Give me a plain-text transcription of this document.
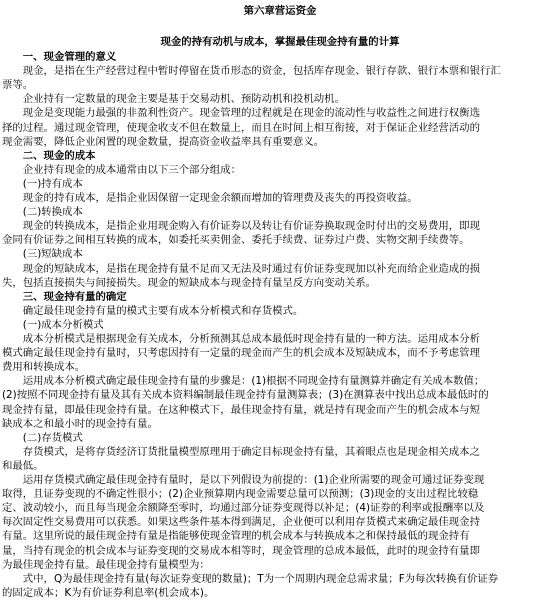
第六章营运资金
现金的持有动机与成本，掌握最佳现金持有量的计算
　　一、现金管理的意义
　　现金，是指在生产经营过程中暂时停留在货币形态的资金，包括库存现金、银行存款、银行本票和银行汇
票等。
　　企业持有一定数量的现金主要是基于交易动机、预防动机和投机动机。
　　现金是变现能力最强的非盈利性资产。现金管理的过程就是在现金的流动性与收益性之间进行权衡选
择的过程。通过现金管理，使现金收支不但在数量上，而且在时间上相互衔接，对于保证企业经营活动的
现金需要，降低企业闲置的现金数量，提高资金收益率具有重要意义。
　　二、现金的成本
　　企业持有现金的成本通常由以下三个部分组成：
　　(一)持有成本
　　现金的持有成本，是指企业因保留一定现金余额而增加的管理费及丧失的再投资收益。
　　(二)转换成本
　　现金的转换成本，是指企业用现金购入有价证券以及转让有价证券换取现金时付出的交易费用，即现
金同有价证券之间相互转换的成本，如委托买卖佣金、委托手续费、证券过户费、实物交割手续费等。
　　(三)短缺成本
　　现金的短缺成本，是指在现金持有量不足而又无法及时通过有价证券变现加以补充而给企业造成的损
失，包括直接损失与间接损失。现金的短缺成本与现金持有量呈反方向变动关系。
　　三、现金持有量的确定
　　确定最佳现金持有量的模式主要有成本分析模式和存货模式。
　　(一)成本分析模式
　　成本分析模式是根据现金有关成本，分析预测其总成本最低时现金持有量的一种方法。运用成本分析
模式确定最佳现金持有量时，只考虑因持有一定量的现金而产生的机会成本及短缺成本，而不予考虑管理
费用和转换成本。
　　运用成本分析模式确定最佳现金持有量的步骤是：(1)根据不同现金持有量测算并确定有关成本数值；
(2)按照不同现金持有量及其有关成本资料编制最佳现金持有量测算表；(3)在测算表中找出总成本最低时的
现金持有量，即最佳现金持有量。在这种模式下，最佳现金持有量，就是持有现金而产生的机会成本与短
缺成本之和最小时的现金持有量。
　　(二)存货模式
　　存货模式，是将存货经济订货批量模型原理用于确定目标现金持有量，其着眼点也是现金相关成本之
和最低。
　　运用存货模式确定最佳现金持有量时，是以下列假设为前提的：(1)企业所需要的现金可通过证券变现
取得，且证券变现的不确定性很小；(2)企业预算期内现金需要总量可以预测；(3)现金的支出过程比较稳
定、波动较小，而且每当现金余额降至零时，均通过部分证券变现得以补足；(4)证券的利率或报酬率以及
每次固定性交易费用可以获悉。如果这些条件基本得到满足，企业便可以利用存货模式来确定最佳现金持
有量。这里所说的最佳现金持有量是指能够使现金管理的机会成本与转换成本之和保持最低的现金持有
量，当持有现金的机会成本与证券变现的交易成本相等时，现金管理的总成本最低，此时的现金持有量即
为最佳现金持有量。最佳现金持有量模型为：
　　式中，Q为最佳现金持有量(每次证券变现的数量)；T为一个周期内现金总需求量；F为每次转换有价证券
的固定成本；K为有价证券利息率(机会成本)。
